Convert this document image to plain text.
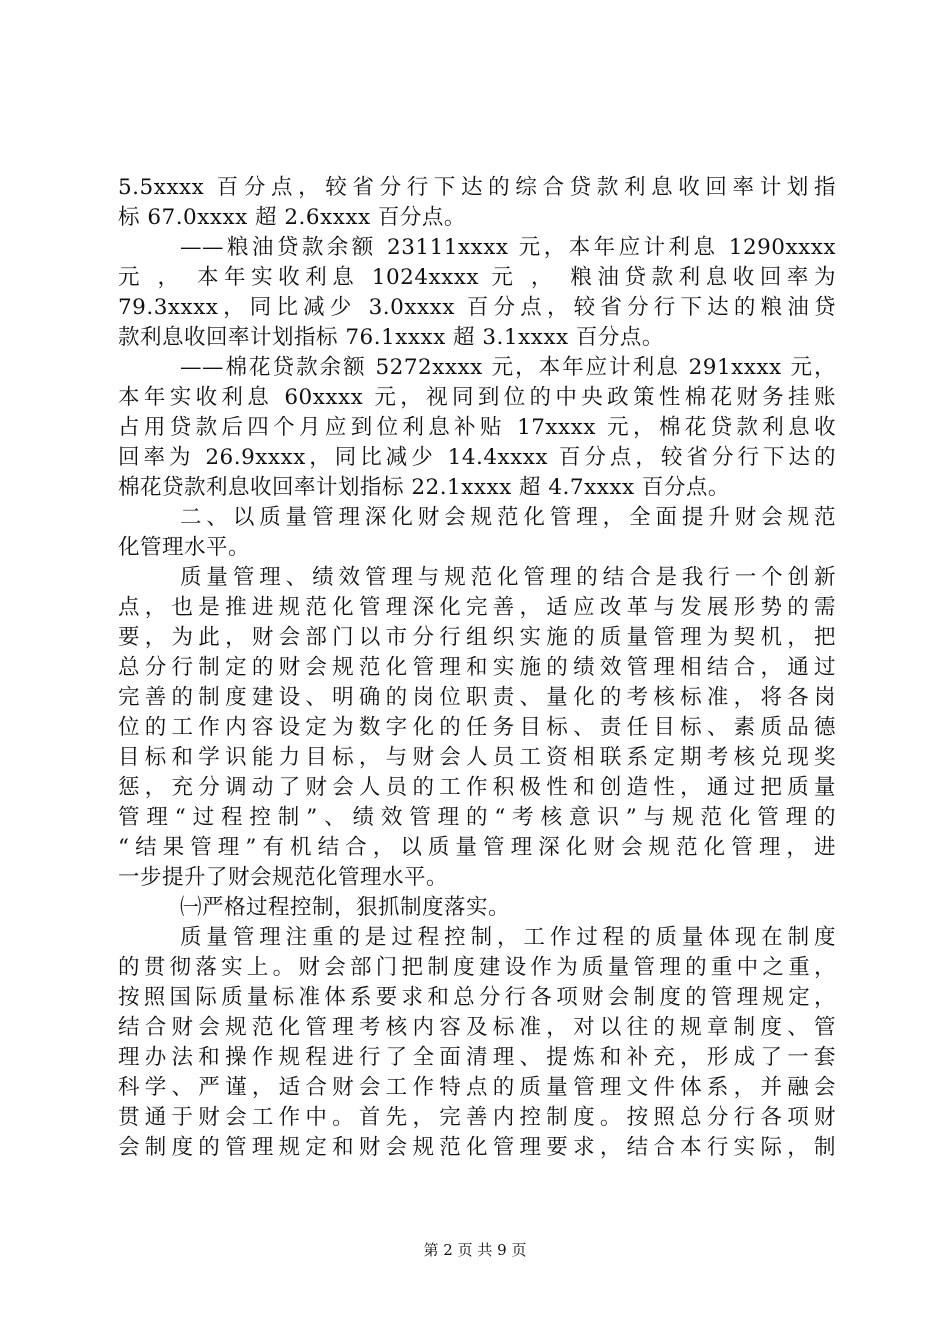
5.5xxxx 百分点，较省分行下达的综合贷款利息收回率计划指
标 67.0xxxx 超 2.6xxxx 百分点。
——粮油贷款余额 23111xxxx 元，本年应计利息 1290xxxx
元 ， 本年实收利息 1024xxxx 元 ， 粮油贷款利息收回率为
79.3xxxx，同比减少 3.0xxxx 百分点，较省分行下达的粮油贷
款利息收回率计划指标 76.1xxxx 超 3.1xxxx 百分点。
——棉花贷款余额 5272xxxx 元，本年应计利息 291xxxx 元，
本年实收利息 60xxxx 元，视同到位的中央政策性棉花财务挂账
占用贷款后四个月应到位利息补贴 17xxxx 元，棉花贷款利息收
回率为 26.9xxxx，同比减少 14.4xxxx 百分点，较省分行下达的
棉花贷款利息收回率计划指标 22.1xxxx 超 4.7xxxx 百分点。
二、以质量管理深化财会规范化管理，全面提升财会规范
化管理水平。
质量管理、绩效管理与规范化管理的结合是我行一个创新
点，也是推进规范化管理深化完善，适应改革与发展形势的需
要，为此，财会部门以市分行组织实施的质量管理为契机，把
总分行制定的财会规范化管理和实施的绩效管理相结合，通过
完善的制度建设、明确的岗位职责、量化的考核标准，将各岗
位的工作内容设定为数字化的任务目标、责任目标、素质品德
目标和学识能力目标，与财会人员工资相联系定期考核兑现奖
惩，充分调动了财会人员的工作积极性和创造性，通过把质量
管理“过程控制”、绩效管理的“考核意识”与规范化管理的
“结果管理”有机结合，以质量管理深化财会规范化管理，进
一步提升了财会规范化管理水平。
㈠严格过程控制，狠抓制度落实。
质量管理注重的是过程控制，工作过程的质量体现在制度
的贯彻落实上。财会部门把制度建设作为质量管理的重中之重，
按照国际质量标准体系要求和总分行各项财会制度的管理规定，
结合财会规范化管理考核内容及标准，对以往的规章制度、管
理办法和操作规程进行了全面清理、提炼和补充，形成了一套
科学、严谨，适合财会工作特点的质量管理文件体系，并融会
贯通于财会工作中。首先，完善内控制度。按照总分行各项财
会制度的管理规定和财会规范化管理要求，结合本行实际，制
第 2 页 共 9 页
